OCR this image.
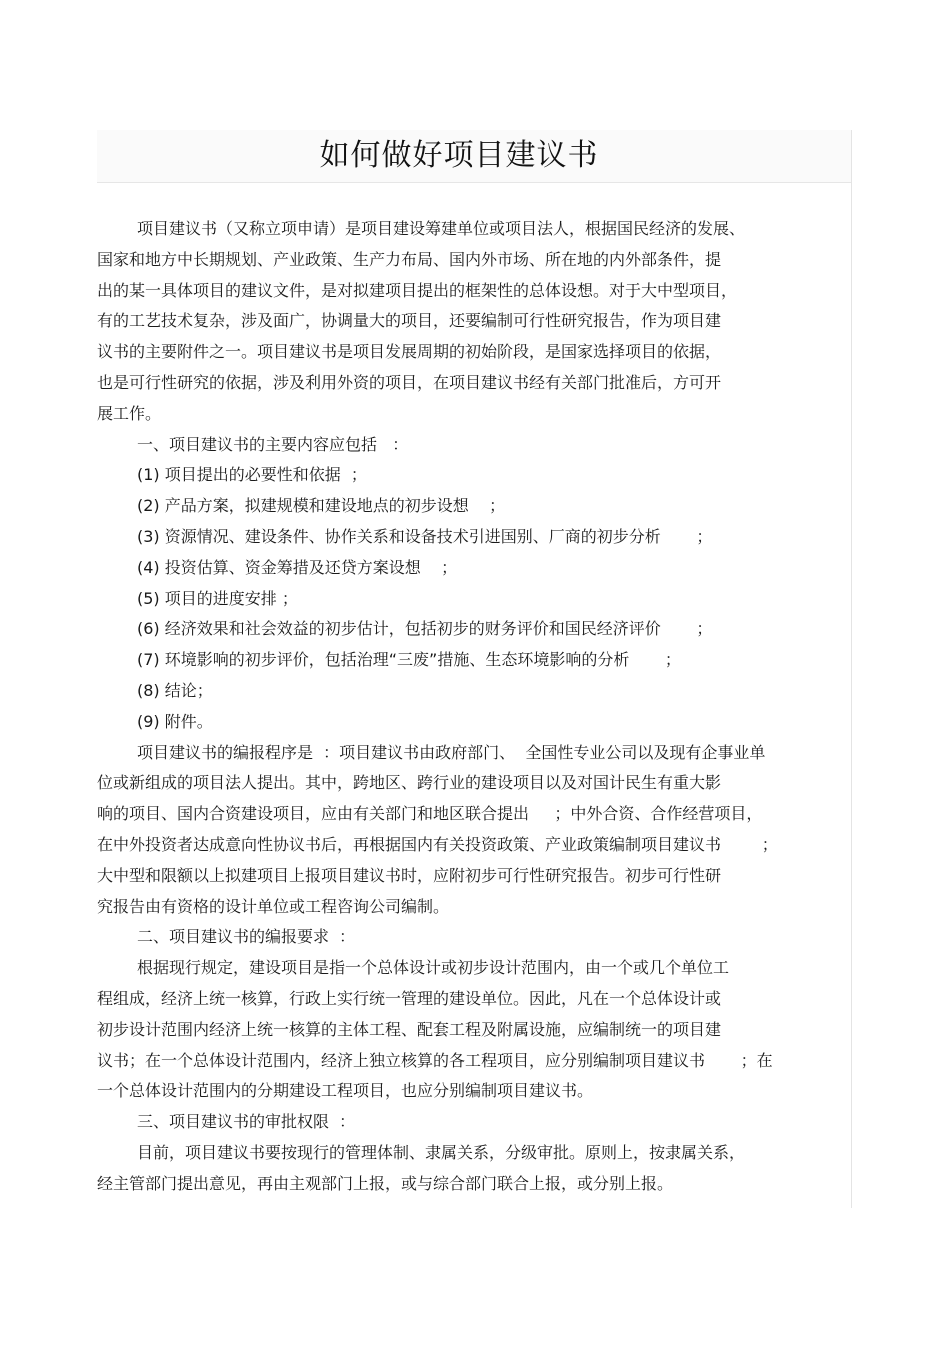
如何做好项目建议书
项目建议书（又称立项申请）是项目建设筹建单位或项目法人，根据国民经济的发展、
国家和地方中长期规划、产业政策、生产力布局、国内外市场、所在地的内外部条件，提
出的某一具体项目的建议文件，是对拟建项目提出的框架性的总体设想。对于大中型项目，
有的工艺技术复杂，涉及面广，协调量大的项目，还要编制可行性研究报告，作为项目建
议书的主要附件之一。项目建议书是项目发展周期的初始阶段，是国家选择项目的依据，
也是可行性研究的依据，涉及利用外资的项目，在项目建议书经有关部门批准后，方可开
展工作。
一、项目建议书的主要内容应包括   ：
(1) 项目提出的必要性和依据  ；
(2) 产品方案，拟建规模和建设地点的初步设想    ；
(3) 资源情况、建设条件、协作关系和设备技术引进国别、厂商的初步分析       ；
(4) 投资估算、资金筹措及还贷方案设想    ；
(5) 项目的进度安排 ；
(6) 经济效果和社会效益的初步估计，包括初步的财务评价和国民经济评价       ；
(7) 环境影响的初步评价，包括治理“三废”措施、生态环境影响的分析       ；
(8) 结论；
(9) 附件。
项目建议书的编报程序是  ：项目建议书由政府部门、  全国性专业公司以及现有企事业单
位或新组成的项目法人提出。其中，跨地区、跨行业的建设项目以及对国计民生有重大影
响的项目、国内合资建设项目，应由有关部门和地区联合提出     ；中外合资、合作经营项目，
在中外投资者达成意向性协议书后，再根据国内有关投资政策、产业政策编制项目建议书        ；
大中型和限额以上拟建项目上报项目建议书时，应附初步可行性研究报告。初步可行性研
究报告由有资格的设计单位或工程咨询公司编制。
二、项目建议书的编报要求  ：
根据现行规定，建设项目是指一个总体设计或初步设计范围内，由一个或几个单位工
程组成，经济上统一核算，行政上实行统一管理的建设单位。因此，凡在一个总体设计或
初步设计范围内经济上统一核算的主体工程、配套工程及附属设施，应编制统一的项目建
议书；在一个总体设计范围内，经济上独立核算的各工程项目，应分别编制项目建议书       ；在
一个总体设计范围内的分期建设工程项目，也应分别编制项目建议书。
三、项目建议书的审批权限  ：
目前，项目建议书要按现行的管理体制、隶属关系，分级审批。原则上，按隶属关系，
经主管部门提出意见，再由主观部门上报，或与综合部门联合上报，或分别上报。
